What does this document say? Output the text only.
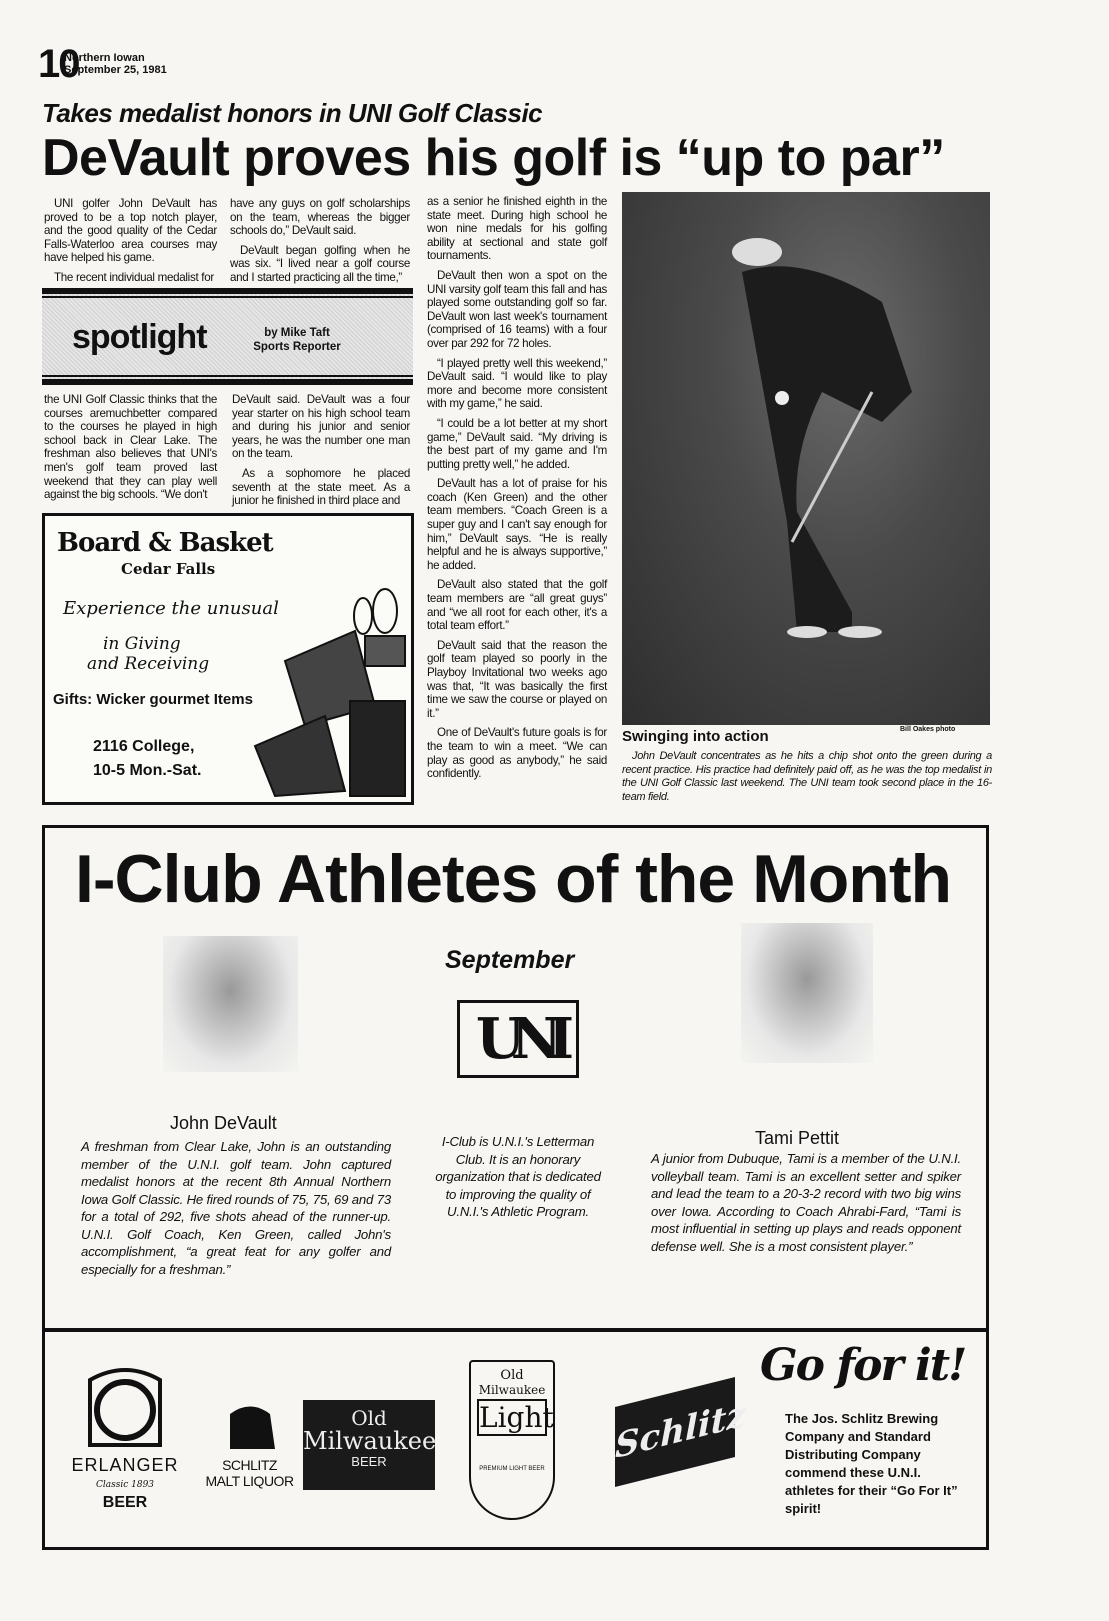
10
Northern Iowan
September 25, 1981
Takes medalist honors in UNI Golf Classic
DeVault proves his golf is “up to par”

UNI golfer John DeVault has proved to be a top notch player, and the good quality of the Cedar Falls-Waterloo area courses may have helped his game.

The recent individual medalist for

have any guys on golf scholarships on the team, whereas the bigger schools do,” DeVault said.

DeVault began golfing when he was six. “I lived near a golf course and I started practicing all the time,”

spotlight	by Mike Taft
Sports Reporter

the UNI Golf Classic thinks that the courses aremuchbetter compared to the courses he played in high school back in Clear Lake. The freshman also believes that UNI's men's golf team proved last weekend that they can play well against the big schools. “We don't

DeVault said. DeVault was a four year starter on his high school team and during his junior and senior years, he was the number one man on the team.

As a sophomore he placed seventh at the state meet. As a junior he finished in third place and

as a senior he finished eighth in the state meet. During high school he won nine medals for his golfing ability at sectional and state golf tournaments.

DeVault then won a spot on the UNI varsity golf team this fall and has played some outstanding golf so far. DeVault won last week's tournament (comprised of 16 teams) with a four over par 292 for 72 holes.

“I played pretty well this weekend,” DeVault said. “I would like to play more and become more consistent with my game,” he said.

“I could be a lot better at my short game,” DeVault said. “My driving is the best part of my game and I'm putting pretty well,” he added.

DeVault has a lot of praise for his coach (Ken Green) and the other team members. “Coach Green is a super guy and I can't say enough for him,” DeVault says. “He is really helpful and he is always supportive,” he added.

DeVault also stated that the golf team members are “all great guys” and “we all root for each other, it's a total team effort.”

DeVault said that the reason the golf team played so poorly in the Playboy Invitational two weeks ago was that, “It was basically the first time we saw the course or played on it.”

One of DeVault's future goals is for the team to win a meet. “We can play as good as anybody,” he said confidently.

Board & Basket
Cedar Falls
Experience the unusual
in Giving
and Receiving
Gifts: Wicker gourmet Items
2116 College,
10-5 Mon.-Sat.
Bill Oakes photo
Swinging into action
John DeVault concentrates as he hits a chip shot onto the green during a recent practice. His practice had definitely paid off, as he was the top medalist in the UNI Golf Classic last weekend. The UNI team took second place in the 16-team field.
I-Club Athletes of the Month
September
UNI
John DeVault
A freshman from Clear Lake, John is an outstanding member of the U.N.I. golf team. John captured medalist honors at the recent 8th Annual Northern Iowa Golf Classic. He fired rounds of 75, 75, 69 and 73 for a total of 292, five shots ahead of the runner-up. U.N.I. Golf Coach, Ken Green, called John's accomplishment, “a great feat for any golfer and especially for a freshman.”
I-Club is U.N.I.'s Letterman Club. It is an honorary organization that is dedicated to improving the quality of U.N.I.'s Athletic Program.
Tami Pettit
A junior from Dubuque, Tami is a member of the U.N.I. volleyball team. Tami is an excellent setter and spiker and lead the team to a 20-3-2 record with two big wins over Iowa. According to Coach Ahrabi-Fard, “Tami is most influential in setting up plays and reads opponent defense well. She is a most consistent player.”
ERLANGER
Classic 1893
BEER
SCHLITZ
MALT LIQUOR
Old
Milwaukee
BEER
Old
Milwaukee
Light
PREMIUM LIGHT BEER
Schlitz
Go for it!
The Jos. Schlitz Brewing Company and Standard Distributing Company commend these U.N.I. athletes for their “Go For It” spirit!
